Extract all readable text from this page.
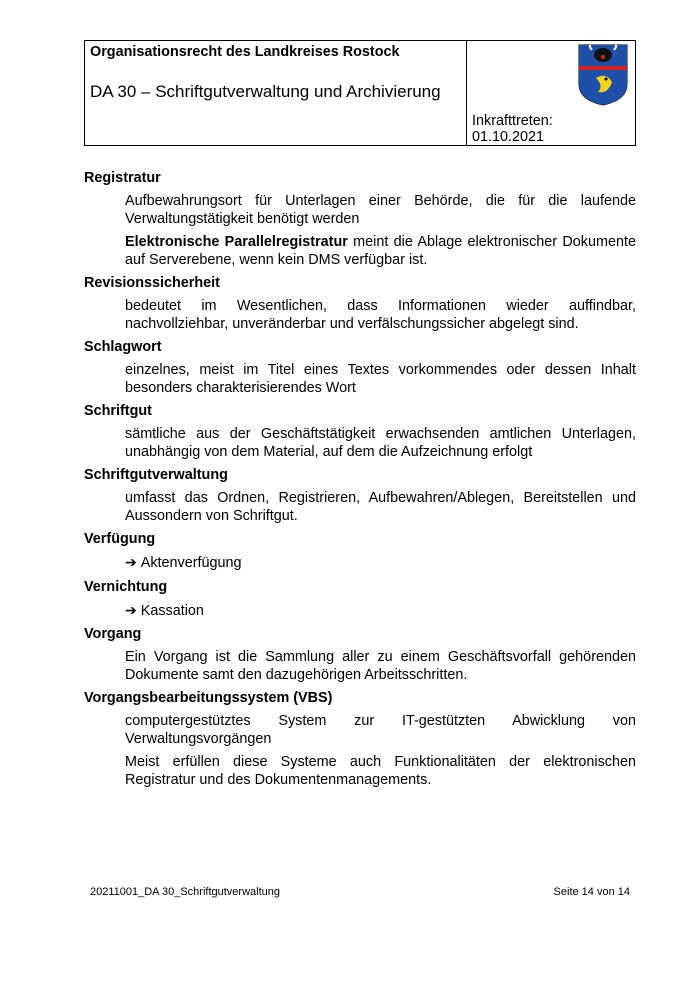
Organisationsrecht des Landkreises Rostock
DA 30 – Schriftgutverwaltung und Archivierung
Inkrafttreten:
01.10.2021
Registratur
Aufbewahrungsort für Unterlagen einer Behörde, die für die laufende Verwaltungstätigkeit benötigt werden
Elektronische Parallelregistratur meint die Ablage elektronischer Dokumente auf Serverebene, wenn kein DMS verfügbar ist.
Revisionssicherheit
bedeutet im Wesentlichen, dass Informationen wieder auffindbar, nachvollziehbar, unveränderbar und verfälschungssicher abgelegt sind.
Schlagwort
einzelnes, meist im Titel eines Textes vorkommendes oder dessen Inhalt besonders charakterisierendes Wort
Schriftgut
sämtliche aus der Geschäftstätigkeit erwachsenden amtlichen Unterlagen, unabhängig von dem Material, auf dem die Aufzeichnung erfolgt
Schriftgutverwaltung
umfasst das Ordnen, Registrieren, Aufbewahren/Ablegen, Bereitstellen und Aussondern von Schriftgut.
Verfügung
➔ Aktenverfügung
Vernichtung
➔ Kassation
Vorgang
Ein Vorgang ist die Sammlung aller zu einem Geschäftsvorfall gehörenden Dokumente samt den dazugehörigen Arbeitsschritten.
Vorgangsbearbeitungssystem (VBS)
computergestütztes System zur IT-gestützten Abwicklung von Verwaltungsvorgängen
Meist erfüllen diese Systeme auch Funktionalitäten der elektronischen Registratur und des Dokumentenmanagements.
20211001_DA 30_Schriftgutverwaltung	Seite 14 von 14
